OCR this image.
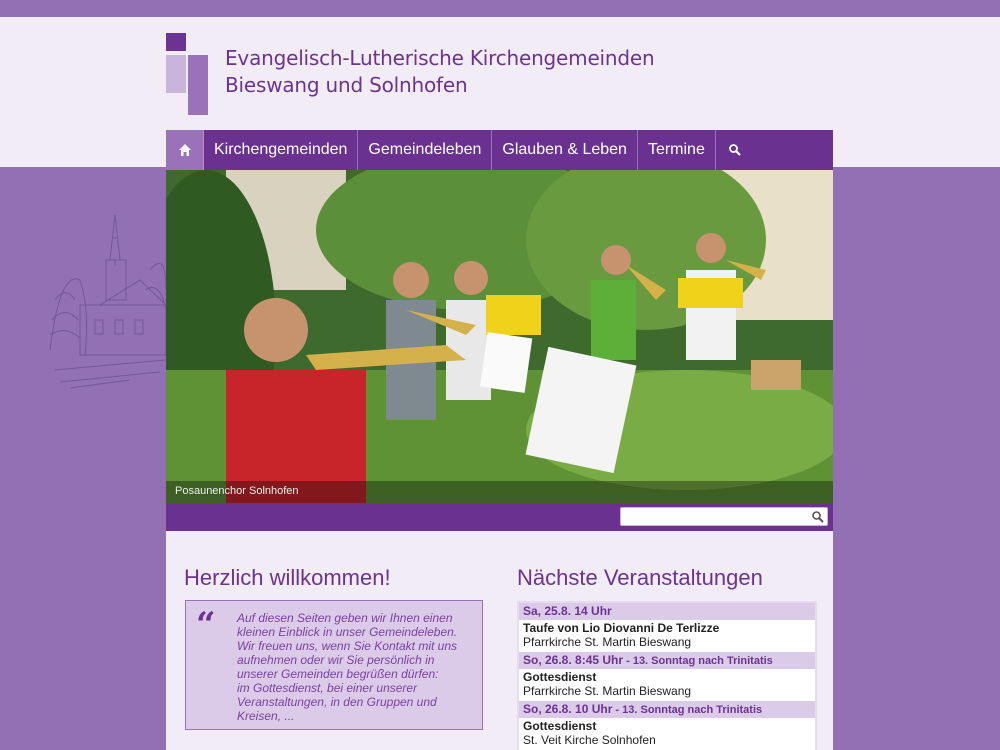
Evangelisch-Lutherische Kirchengemeinden
Bieswang und Solnhofen
Kirchengemeinden Gemeindeleben Glauben & Leben Termine
Posaunenchor Solnhofen
Herzlich willkommen!
“ Auf diesen Seiten geben wir Ihnen einen kleinen Einblick in unser Gemeindeleben.

Wir freuen uns, wenn Sie Kontakt mit uns aufnehmen oder wir Sie persönlich in unserer Gemeinden begrüßen dürfen:

im Gottesdienst, bei einer unserer Veranstaltungen, in den Gruppen und Kreisen, ...

Nächste Veranstaltungen
Sa, 25.8. 14 Uhr
Taufe von Lio Diovanni De Terlizze
Pfarrkirche St. Martin Bieswang
So, 26.8. 8:45 Uhr - 13. Sonntag nach Trinitatis
Gottesdienst
Pfarrkirche St. Martin Bieswang
So, 26.8. 10 Uhr - 13. Sonntag nach Trinitatis
Gottesdienst
St. Veit Kirche Solnhofen
